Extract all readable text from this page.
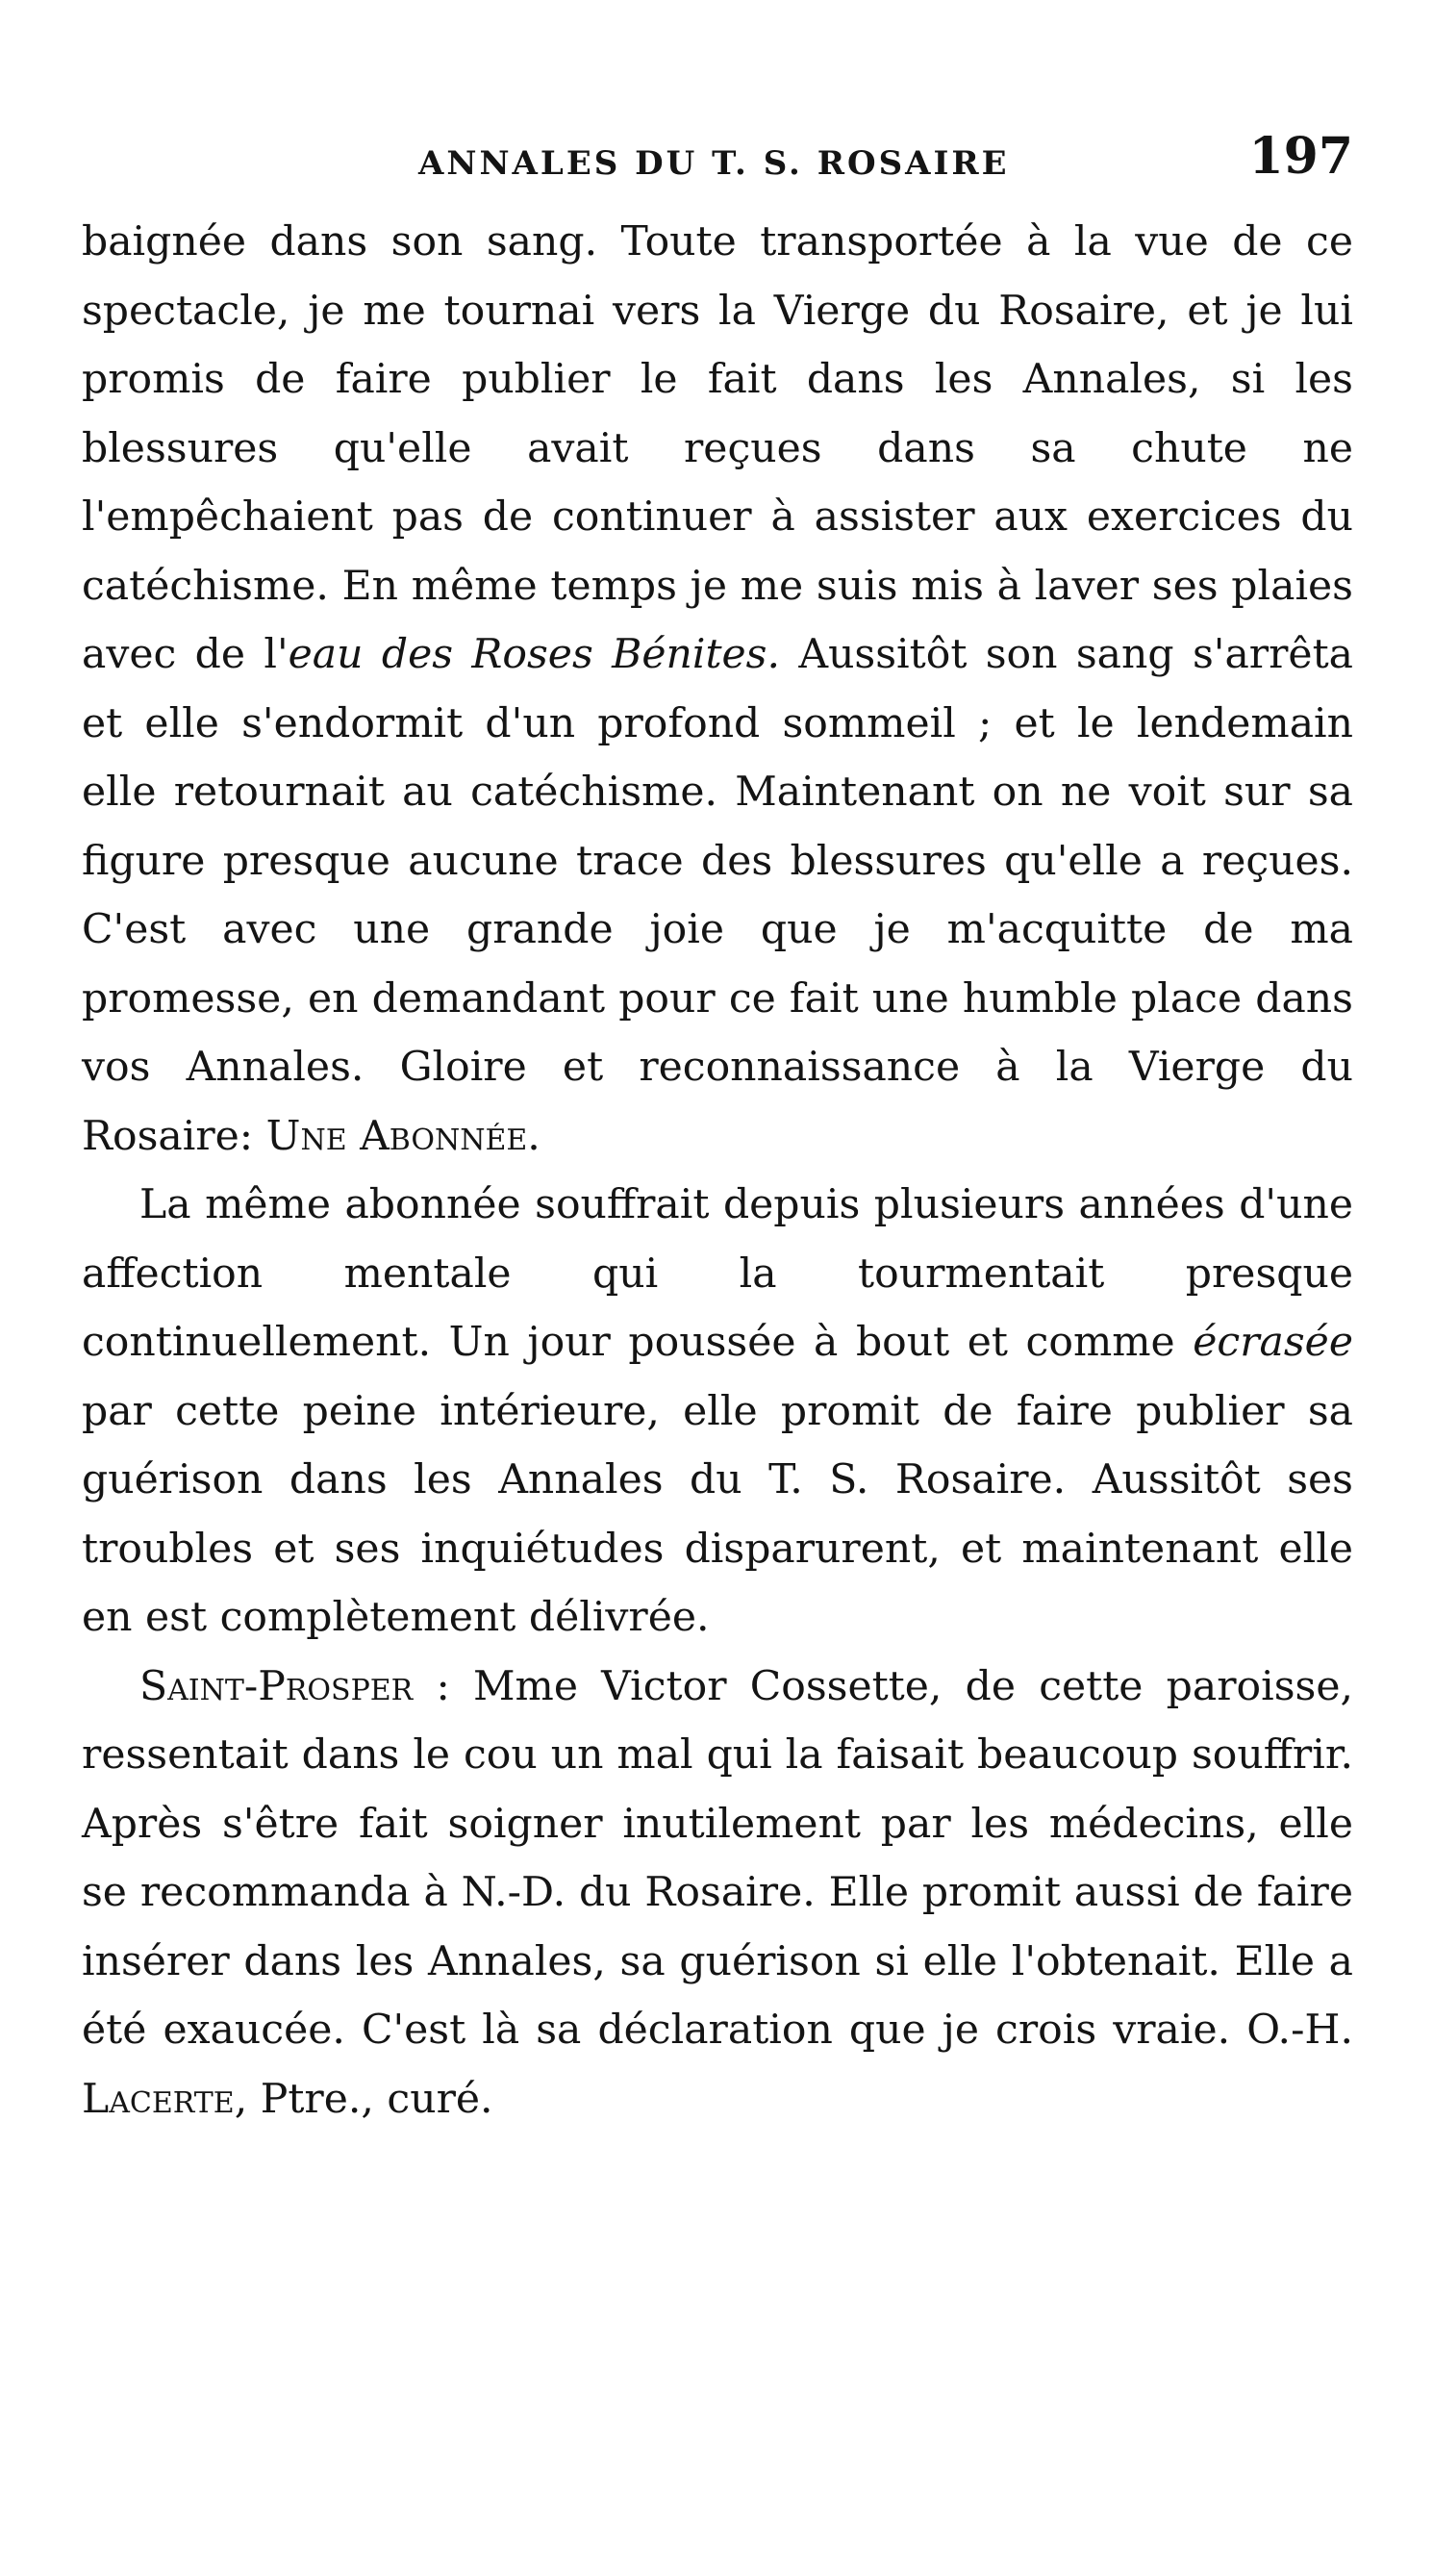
ANNALES DU T. S. ROSAIRE	197

baignée dans son sang. Toute transportée à la vue de ce spectacle, je me tournai vers la Vierge du Rosaire, et je lui promis de faire publier le fait dans les Annales, si les blessures qu'elle avait reçues dans sa chute ne l'empêchaient pas de continuer à assister aux exercices du catéchisme. En même temps je me suis mis à laver ses plaies avec de l'eau des Roses Bénites. Aussitôt son sang s'arrêta et elle s'endormit d'un profond sommeil ; et le lendemain elle retournait au catéchisme. Maintenant on ne voit sur sa figure presque aucune trace des blessures qu'elle a reçues. C'est avec une grande joie que je m'acquitte de ma promesse, en demandant pour ce fait une humble place dans vos Annales. Gloire et reconnaissance à la Vierge du Rosaire: Une Abonnée.

La même abonnée souffrait depuis plusieurs années d'une affection mentale qui la tourmentait presque continuellement. Un jour poussée à bout et comme écrasée par cette peine intérieure, elle promit de faire publier sa guérison dans les Annales du T. S. Rosaire. Aussitôt ses troubles et ses inquiétudes disparurent, et maintenant elle en est complètement délivrée.

Saint-Prosper : Mme Victor Cossette, de cette paroisse, ressentait dans le cou un mal qui la faisait beaucoup souffrir. Après s'être fait soigner inutilement par les médecins, elle se recommanda à N.-D. du Rosaire. Elle promit aussi de faire insérer dans les Annales, sa guérison si elle l'obtenait. Elle a été exaucée. C'est là sa déclaration que je crois vraie. O.-H. Lacerte, Ptre., curé.
